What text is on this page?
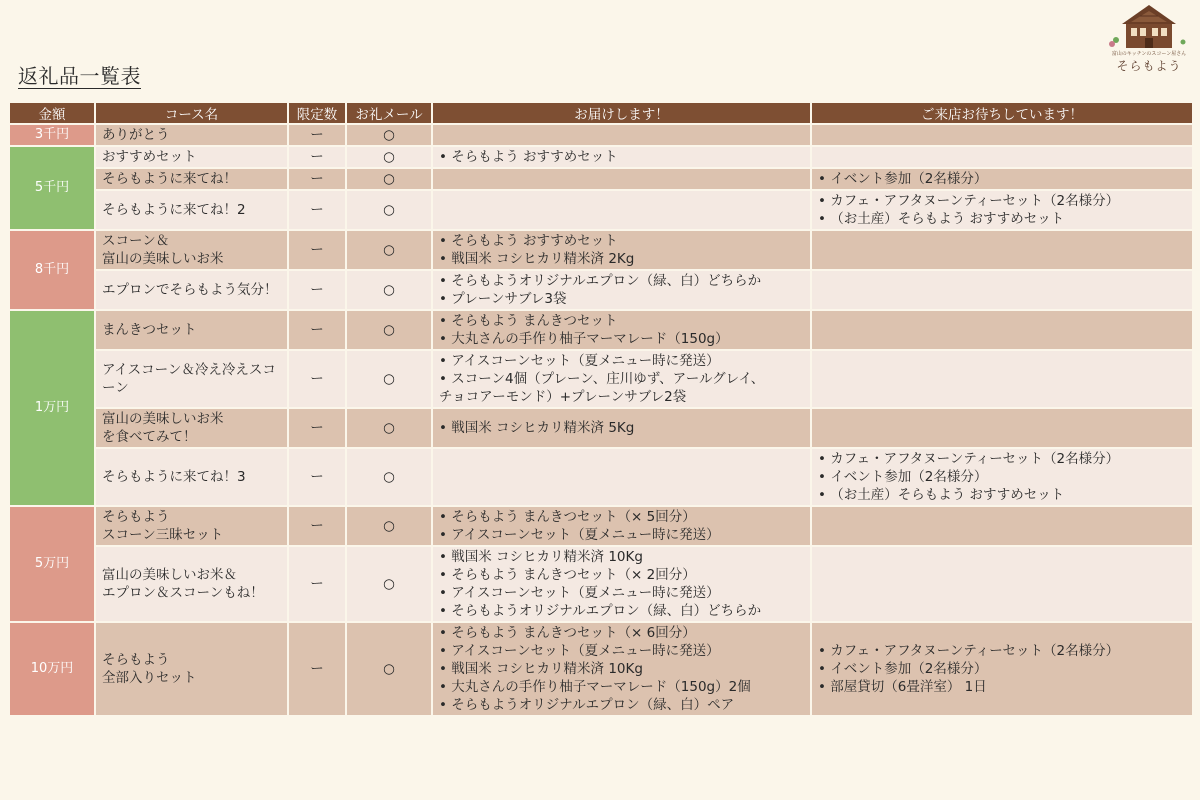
返礼品一覧表
富山のキッチンのスコーン屋さん
そらもよう
金額	コース名	限定数	お礼メール	お届けします！	ご来店お待ちしています！
3千円	ありがとう	ー	○		
5千円	おすすめセット	ー	○	• そらもよう おすすめセット

	そらもように来てね！	ー	○		• イベント参加（2名様分）

	そらもように来てね！2	ー	○		• カフェ・アフタヌーンティーセット（2名様分）
• （お土産）そらもよう おすすめセット

8千円	スコーン＆
富山の美味しいお米	ー	○	• そらもよう おすすめセット
• 戦国米 コシヒカリ精米済 2Kg

	エプロンでそらもよう気分！	ー	○	• そらもようオリジナルエプロン（緑、白）どちらか
• プレーンサブレ3袋

1万円	まんきつセット	ー	○	• そらもよう まんきつセット
• 大丸さんの手作り柚子マーマレード（150g）

	アイスコーン＆冷え冷えスコーン	ー	○	• アイスコーンセット（夏メニュー時に発送）
• スコーン4個（プレーン、庄川ゆず、アールグレイ、
チョコアーモンド）+プレーンサブレ2袋

	富山の美味しいお米
を食べてみて！	ー	○	• 戦国米 コシヒカリ精米済 5Kg

	そらもように来てね！3	ー	○		• カフェ・アフタヌーンティーセット（2名様分）
• イベント参加（2名様分）
• （お土産）そらもよう おすすめセット

5万円	そらもよう
スコーン三昧セット	ー	○	• そらもよう まんきつセット（× 5回分）
• アイスコーンセット（夏メニュー時に発送）

	富山の美味しいお米＆
エプロン＆スコーンもね！	ー	○	• 戦国米 コシヒカリ精米済 10Kg
• そらもよう まんきつセット（× 2回分）
• アイスコーンセット（夏メニュー時に発送）
• そらもようオリジナルエプロン（緑、白）どちらか

10万円	そらもよう
全部入りセット	ー	○	• そらもよう まんきつセット（× 6回分）
• アイスコーンセット（夏メニュー時に発送）
• 戦国米 コシヒカリ精米済 10Kg
• 大丸さんの手作り柚子マーマレード（150g）2個
• そらもようオリジナルエプロン（緑、白）ペア	• カフェ・アフタヌーンティーセット（2名様分）
• イベント参加（2名様分）
• 部屋貸切（6畳洋室） 1日
